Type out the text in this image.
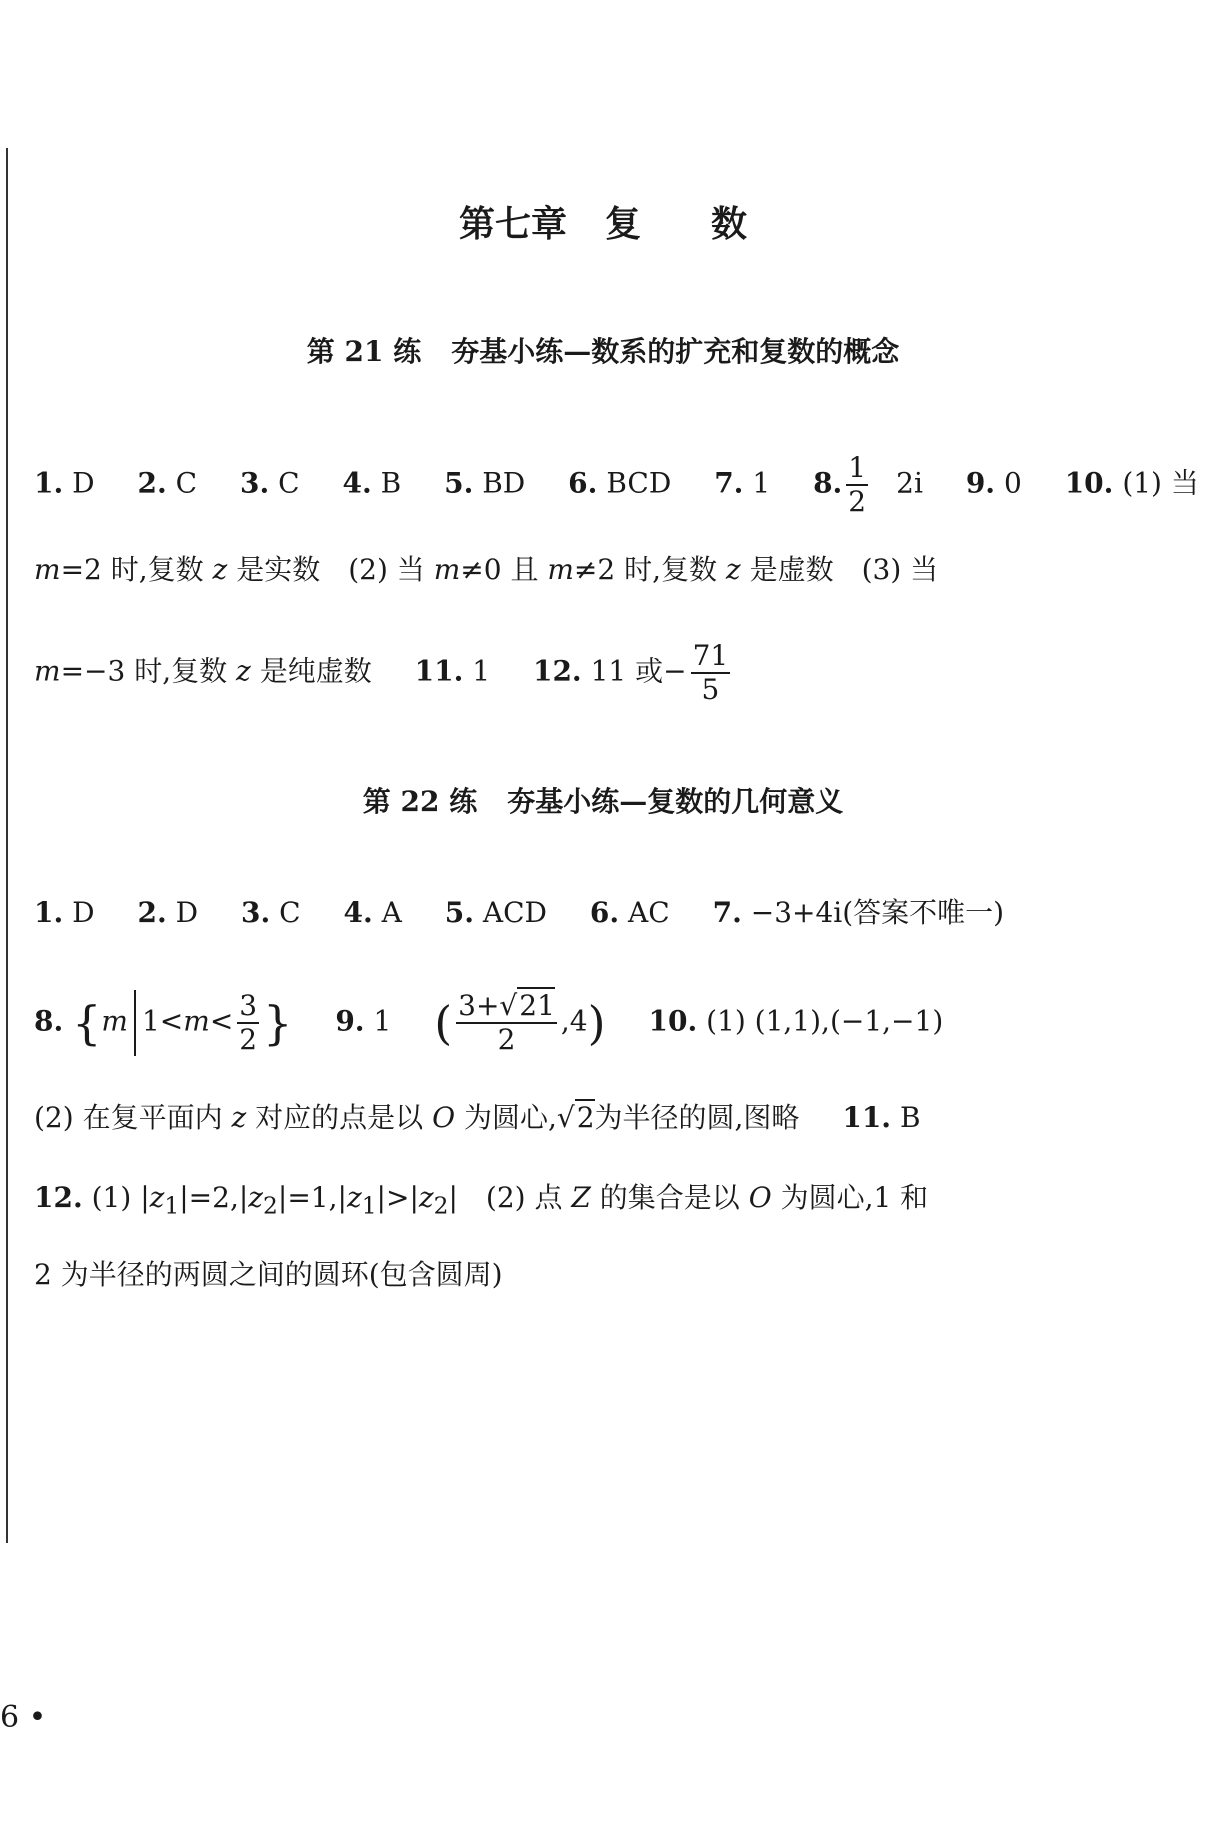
第七章 复 数
第 21 练 夯基小练—数系的扩充和复数的概念
1. D 2. C 3. C 4. B 5. BD 6. BCD 7. 1 8. $\frac{1}{2} 2i$ 9. 0 10. (1) 当
m=2 时,复数 z 是实数　(2) 当 m≠0 且 m≠2 时,复数 z 是虚数　(3) 当
m=−3 时,复数 z 是纯虚数 11. 1 12. 11 或− $\frac{71}{5}$
第 22 练 夯基小练—复数的几何意义
1. D 2. D 3. C 4. A 5. ACD 6. AC 7. −3+4i(答案不唯一)
8. {m $1<m< \frac{3}{2}$ } 9. 1 ( $\frac{3+√21}{2} ,4$) 10. (1) (1,1),(−1,−1)
(2) 在复平面内 z 对应的点是以 O 为圆心,√2为半径的圆,图略 11. B
12. (1) $|z_1|=2,|z_2|=1,|z_1|>|z_2|$　(2) 点 Z 的集合是以 O 为圆心,1 和
2 为半径的两圆之间的圆环(包含圆周)
6 •
